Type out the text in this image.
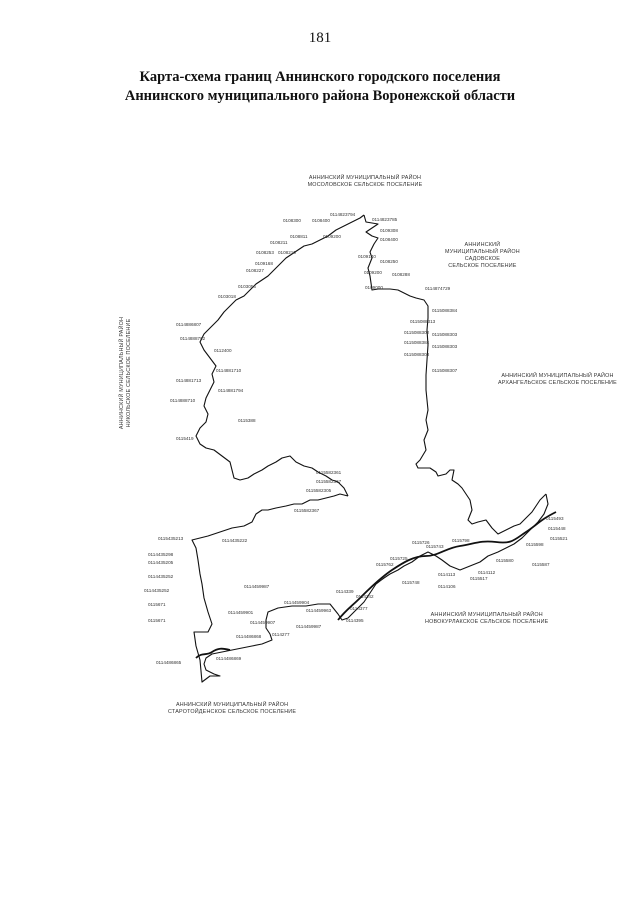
181
Карта-схема границ Аннинского городского поселения
Аннинского муниципального района Воронежской области
АННИНСКИЙ МУНИЦИПАЛЬНЫЙ РАЙОН МОСОЛОВСКОЕ СЕЛЬСКОЕ ПОСЕЛЕНИЕ
АННИНСКИЙ
МУНИЦИПАЛЬНЫЙ РАЙОН
САДОВСКОЕ
СЕЛЬСКОЕ ПОСЕЛЕНИЕ
АННИНСКИЙ МУНИЦИПАЛЬНЫЙ РАЙОН
АРХАНГЕЛЬСКОЕ СЕЛЬСКОЕ ПОСЕЛЕНИЕ
АННИНСКИЙ МУНИЦИПАЛЬНЫЙ РАЙОН НИКОЛЬСКОЕ СЕЛЬСКОЕ ПОСЕЛЕНИЕ
АННИНСКИЙ МУНИЦИПАЛЬНЫЙ РАЙОН
НОВОКУРЛАКСКОЕ СЕЛЬСКОЕ ПОСЕЛЕНИЕ
АННИНСКИЙ МУНИЦИПАЛЬНЫЙ РАЙОН
СТАРОТОЙДЕНСКОЕ СЕЛЬСКОЕ ПОСЕЛЕНИЕ
0114823794
0108400	0114823785
0108300
0109200
0109308
0108811
0108211
0108400
0108210
0109140
0108253
0108250
0109168
0109200
0108227
0108288
0103056	0109000
0103018
0114874729
0115088384
0115088313
0115088302 0115088303
0115088384
0115088303
0115088303
0115088307
0114886807
0114888702
0112400
0114881710
0114881713
0114881794
0114888710
0115419
0115388
0115582361
0115582367
0115582305
0115582367
0115435213
0114435298
0114435222
0114435205
0114435252
0114435252
0115671
0115671
0114486868
0114486869
0114486865
0114459987
0114459901
0114459904
0114459907
0114459963
0114459987
0114277
0114339
0114342
0114377
0114395
0115798
0115743
0115726
0115748
0115725
0115762
0115580
0115598
0115587
0114113
0114106
0115517
0114112
0115493
0115448
0115521
